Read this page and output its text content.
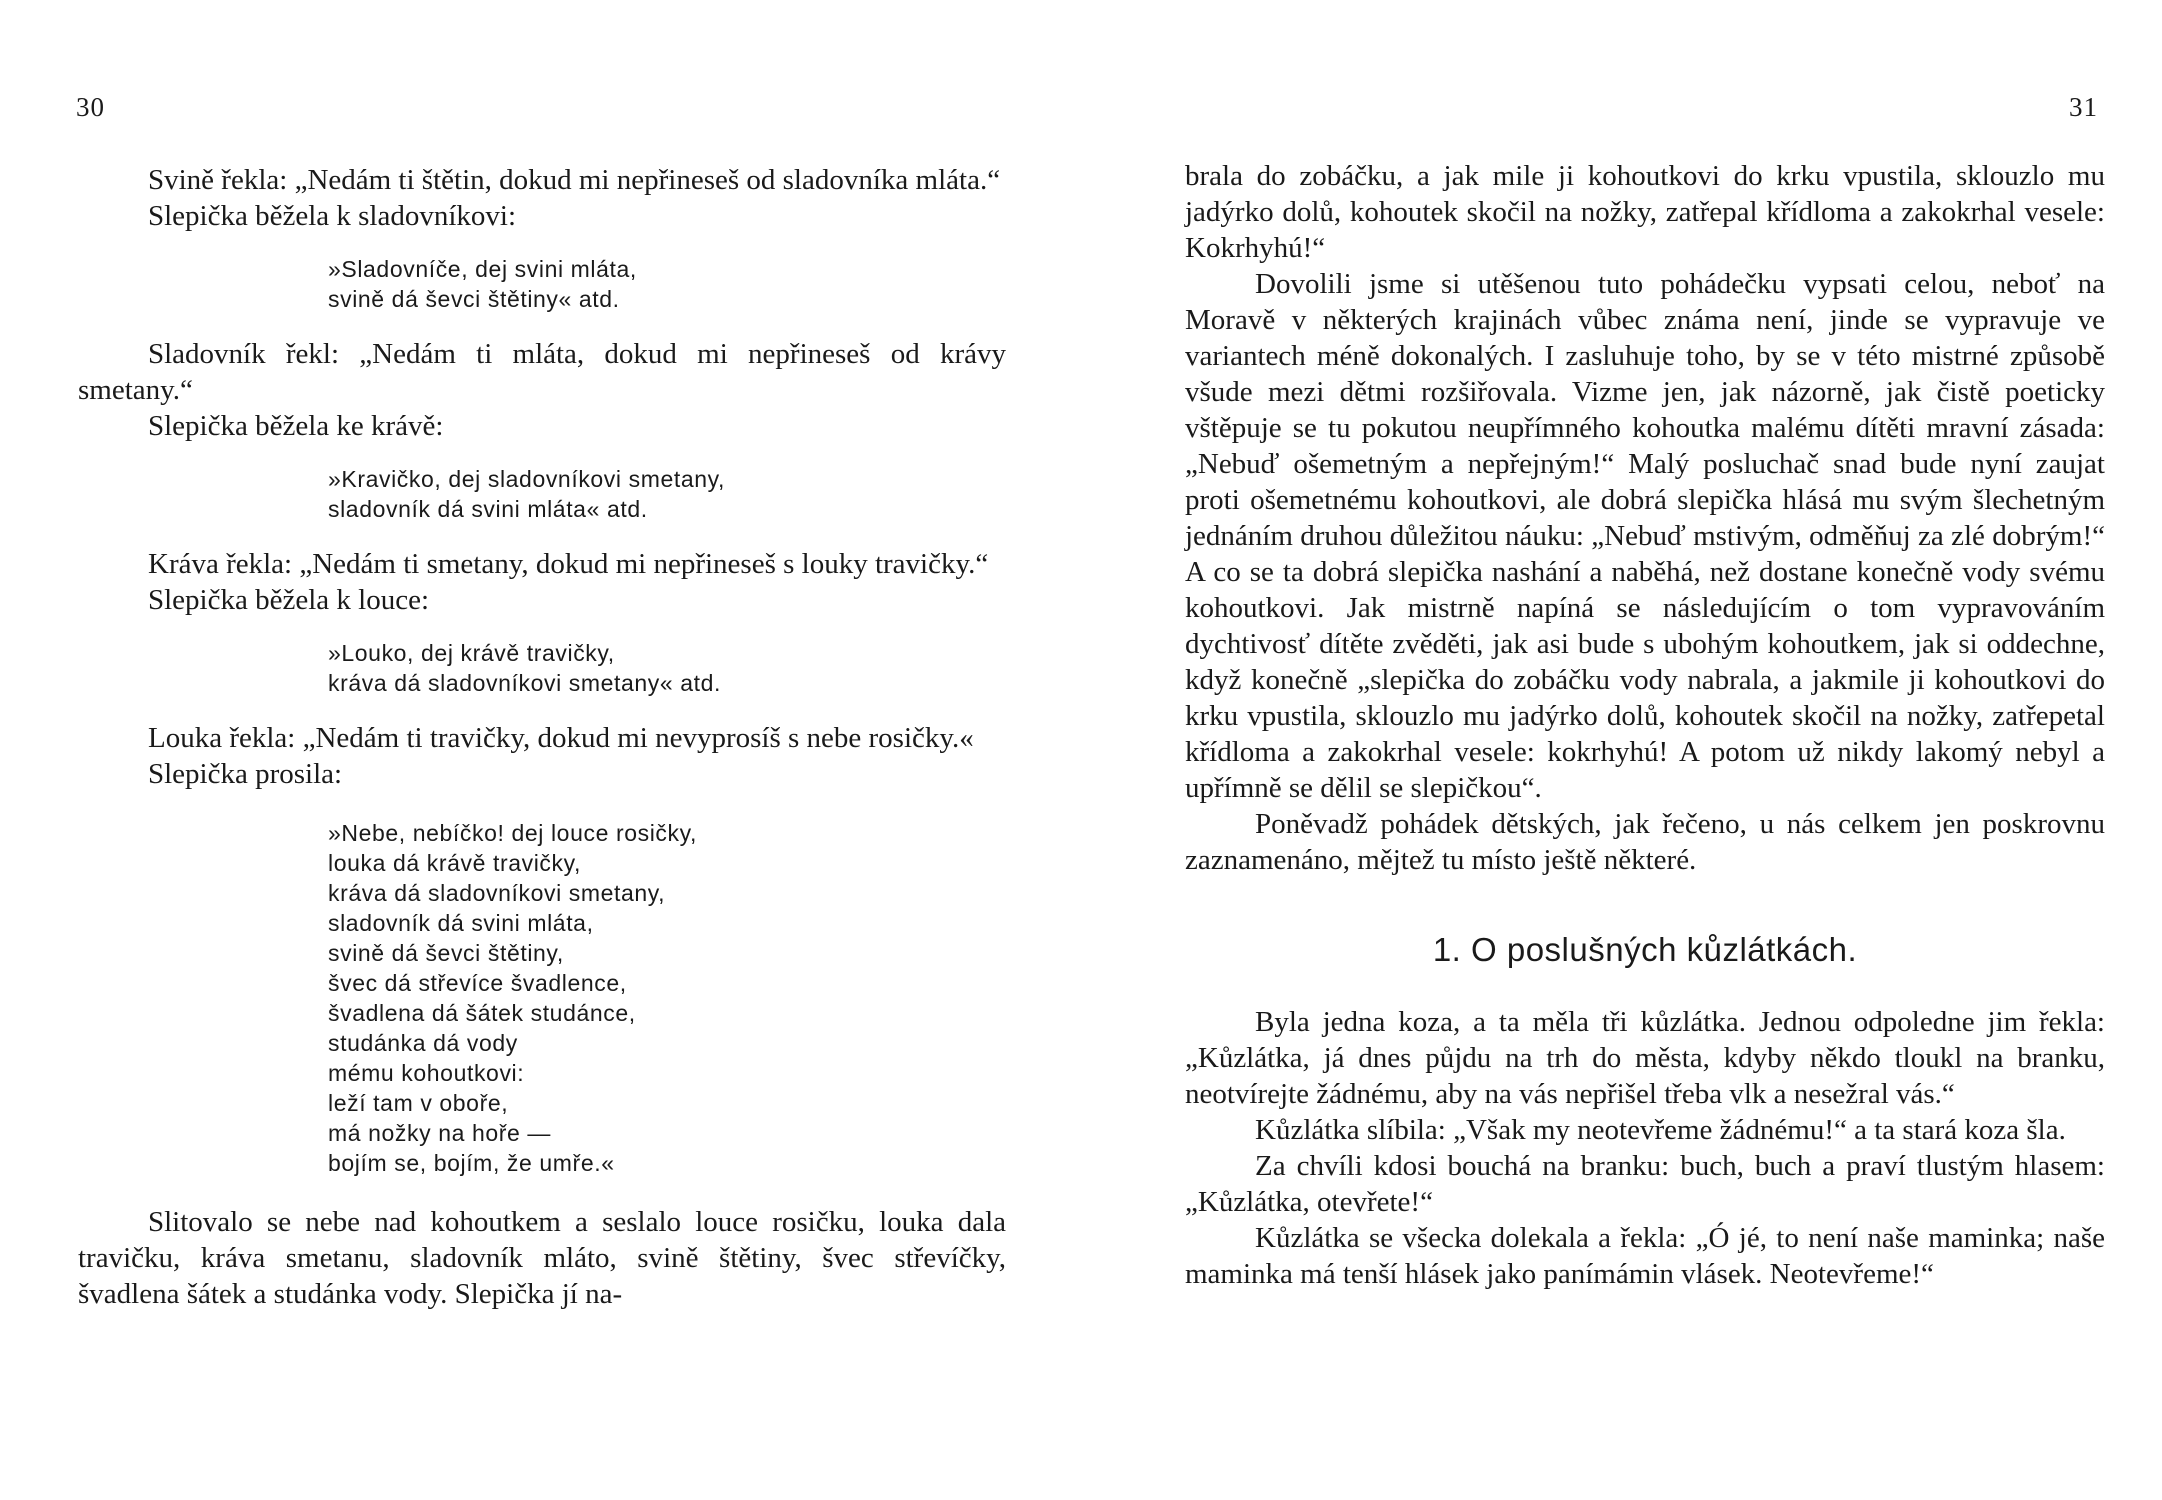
30

Svině řekla: „Nedám ti štětin, dokud mi nepřineseš od sladovníka mláta.“

Slepička běžela k sladovníkovi:

»Sladovníče, dej svini mláta,
svině dá ševci štětiny« atd.

Sladovník řekl: „Nedám ti mláta, dokud mi nepřineseš od krávy smetany.“

Slepička běžela ke krávě:

»Kravičko, dej sladovníkovi smetany,
sladovník dá svini mláta« atd.

Kráva řekla: „Nedám ti smetany, dokud mi nepřineseš s louky travičky.“

Slepička běžela k louce:

»Louko, dej krávě travičky,
kráva dá sladovníkovi smetany« atd.

Louka řekla: „Nedám ti travičky, dokud mi nevyprosíš s nebe rosičky.«

Slepička prosila:

»Nebe, nebíčko! dej louce rosičky,
louka dá krávě travičky,
kráva dá sladovníkovi smetany,
sladovník dá svini mláta,
svině dá ševci štětiny,
švec dá střevíce švadlence,
švadlena dá šátek studánce,
studánka dá vody
mému kohoutkovi:
leží tam v oboře,
má nožky na hoře —
bojím se, bojím, že umře.«

Slitovalo se nebe nad kohoutkem a seslalo louce rosičku, louka dala travičku, kráva smetanu, sladovník mláto, svině štětiny, švec střevíčky, švadlena šátek a studánka vody. Slepička jí na-

31

brala do zobáčku, a jak mile ji kohoutkovi do krku vpustila, sklouzlo mu jadýrko dolů, kohoutek skočil na nožky, zatřepal křídloma a zakokrhal vesele: Kokrhyhú!“

Dovolili jsme si utěšenou tuto pohádečku vypsati celou, neboť na Moravě v některých krajinách vůbec známa není, jinde se vypravuje ve variantech méně dokonalých. I zasluhuje toho, by se v této mistrné způsobě všude mezi dětmi rozšiřovala. Vizme jen, jak názorně, jak čistě poeticky vštěpuje se tu pokutou neupřímného kohoutka malému dítěti mravní zásada: „Nebuď ošemetným a nepřejným!“ Malý posluchač snad bude nyní zaujat proti ošemetnému kohoutkovi, ale dobrá slepička hlásá mu svým šlechetným jednáním druhou důležitou náuku: „Nebuď mstivým, odměňuj za zlé dobrým!“ A co se ta dobrá slepička nashání a naběhá, než dostane konečně vody svému kohoutkovi. Jak mistrně napíná se následujícím o tom vypravováním dychtivosť dítěte zvěděti, jak asi bude s ubohým kohoutkem, jak si oddechne, když konečně „slepička do zobáčku vody nabrala, a jakmile ji kohoutkovi do krku vpustila, sklouzlo mu jadýrko dolů, kohoutek skočil na nožky, zatřepetal křídloma a zakokrhal vesele: kokrhyhú! A potom už nikdy lakomý nebyl a upřímně se dělil se slepičkou“.

Poněvadž pohádek dětských, jak řečeno, u nás celkem jen poskrovnu zaznamenáno, mějtež tu místo ještě některé.

1. O poslušných kůzlátkách.

Byla jedna koza, a ta měla tři kůzlátka. Jednou odpoledne jim řekla: „Kůzlátka, já dnes půjdu na trh do města, kdyby někdo tloukl na branku, neotvírejte žádnému, aby na vás nepřišel třeba vlk a nesežral vás.“

Kůzlátka slíbila: „Však my neotevřeme žádnému!“ a ta stará koza šla.

Za chvíli kdosi bouchá na branku: buch, buch a praví tlustým hlasem: „Kůzlátka, otevřete!“

Kůzlátka se všecka dolekala a řekla: „Ó jé, to není naše maminka; naše maminka má tenší hlásek jako panímámin vlásek. Neotevřeme!“
